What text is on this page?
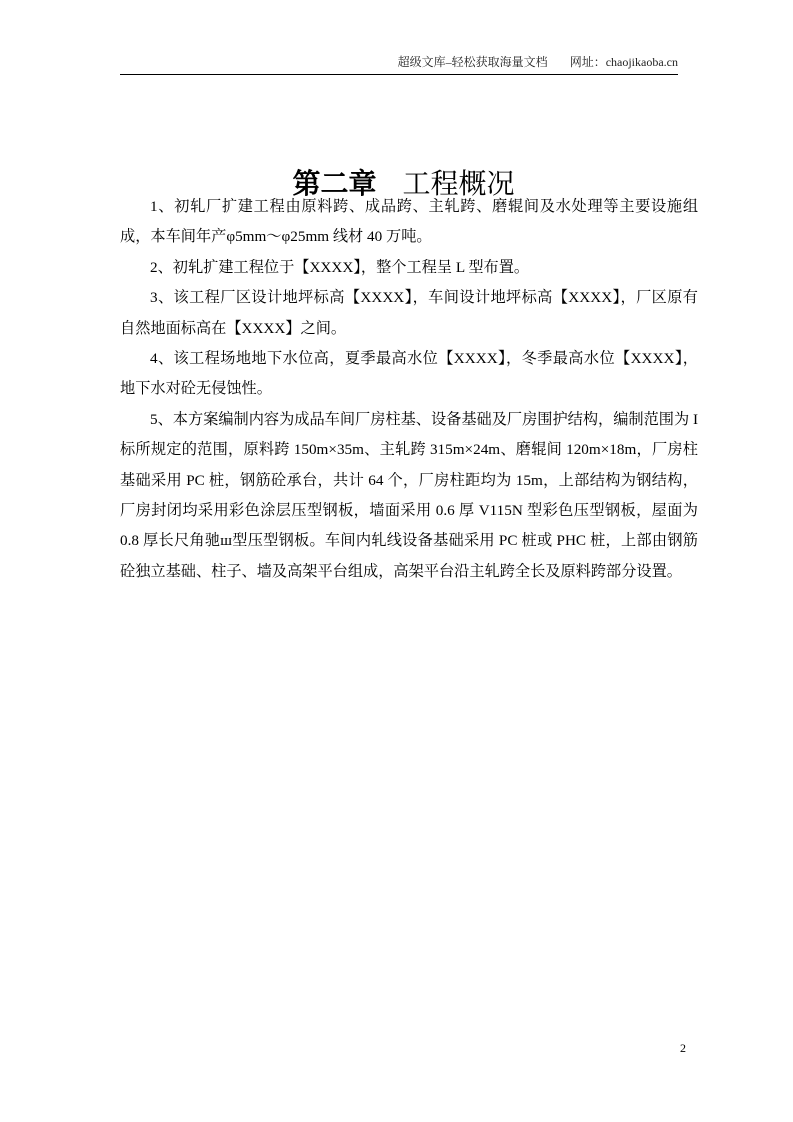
超级文库–轻松获取海量文档 网址：chaojikaoba.cn

第二章 工程概况

1、初轧厂扩建工程由原料跨、成品跨、主轧跨、磨辊间及水处理等主要设施组成，本车间年产φ5mm～φ25mm 线材 40 万吨。

2、初轧扩建工程位于【XXXX】，整个工程呈 L 型布置。

3、该工程厂区设计地坪标高【XXXX】，车间设计地坪标高【XXXX】，厂区原有自然地面标高在【XXXX】之间。

4、该工程场地地下水位高，夏季最高水位【XXXX】，冬季最高水位【XXXX】，地下水对砼无侵蚀性。

5、本方案编制内容为成品车间厂房柱基、设备基础及厂房围护结构，编制范围为 I 标所规定的范围，原料跨 150m×35m、主轧跨 315m×24m、磨辊间 120m×18m，厂房柱基础采用 PC 桩，钢筋砼承台，共计 64 个，厂房柱距均为 15m，上部结构为钢结构，厂房封闭均采用彩色涂层压型钢板，墙面采用 0.6 厚 V115N 型彩色压型钢板，屋面为 0.8 厚长尺角驰ш型压型钢板。车间内轧线设备基础采用 PC 桩或 PHC 桩，上部由钢筋砼独立基础、柱子、墙及高架平台组成，高架平台沿主轧跨全长及原料跨部分设置。

2
